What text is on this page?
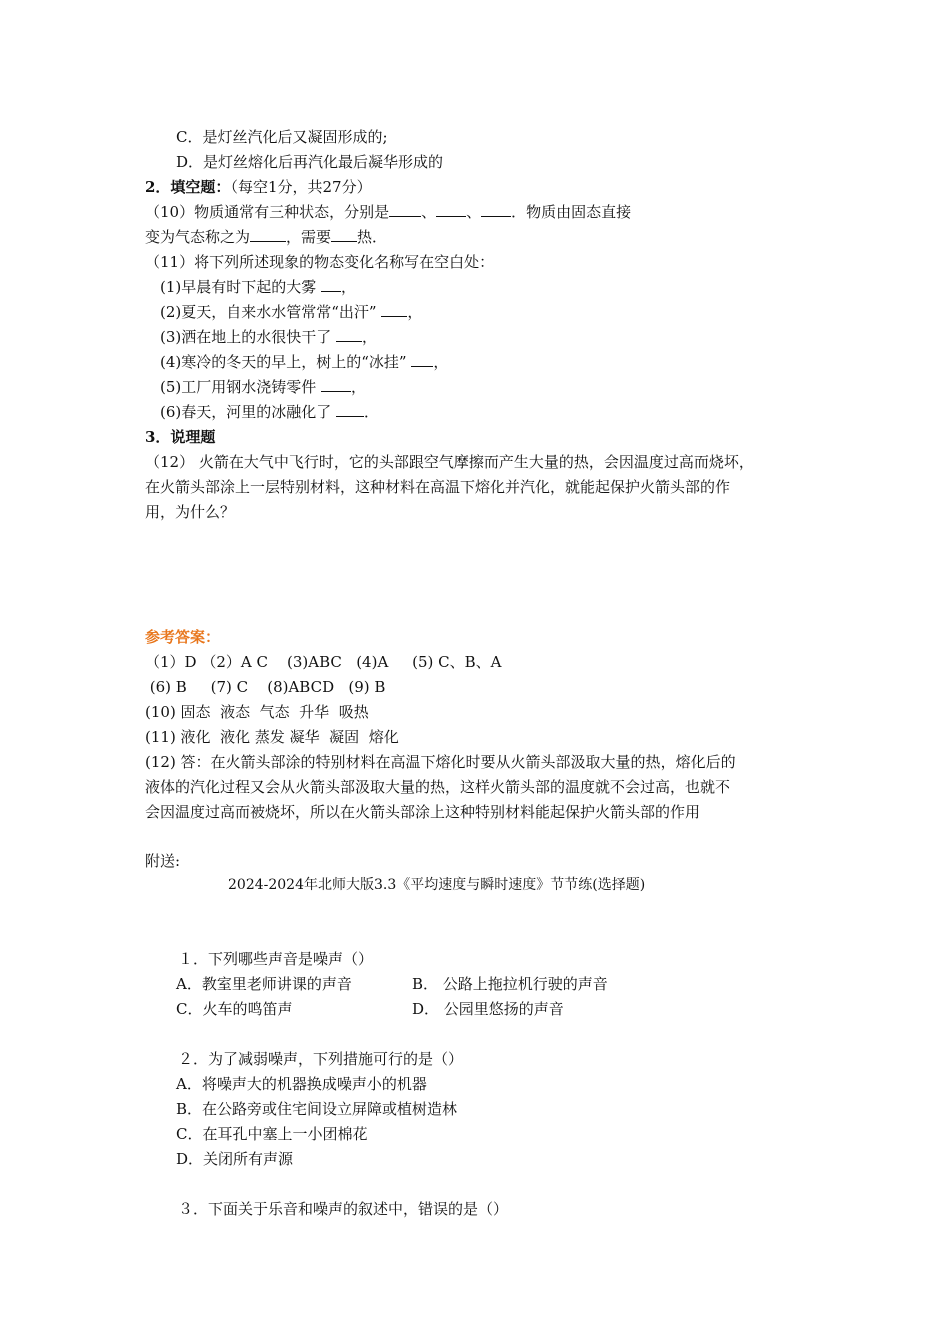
C．是灯丝汽化后又凝固形成的;
D．是灯丝熔化后再汽化最后凝华形成的
2．填空题：（每空1分，共27分）
（10）物质通常有三种状态，分别是 、 、 ．物质由固态直接
变为气态称之为 ，需要 热．
（11）将下列所述现象的物态变化名称写在空白处：
(1)早晨有时下起的大雾 ，
(2)夏天，自来水水管常常“出汗” ，
(3)洒在地上的水很快干了 ，
(4)寒冷的冬天的早上，树上的“冰挂” ，
(5)工厂用钢水浇铸零件 ，
(6)春天，河里的冰融化了 ．
3．说理题
（12） 火箭在大气中飞行时，它的头部跟空气摩擦而产生大量的热，会因温度过高而烧坏，
在火箭头部涂上一层特别材料，这种材料在高温下熔化并汽化，就能起保护火箭头部的作
用，为什么？
参考答案：
（1）D （2）A C    (3)ABC   (4)A     (5) C、B、A
(6) B     (7) C    (8)ABCD   (9) B
(10) 固态  液态  气态  升华  吸热
(11) 液化  液化 蒸发 凝华  凝固  熔化
(12) 答：在火箭头部涂的特别材料在高温下熔化时要从火箭头部汲取大量的热，熔化后的
液体的汽化过程又会从火箭头部汲取大量的热，这样火箭头部的温度就不会过高，也就不
会因温度过高而被烧坏，所以在火箭头部涂上这种特别材料能起保护火箭头部的作用
附送:
2024-2024年北师大版3.3《平均速度与瞬时速度》节节练(选择题)
１．下列哪些声音是噪声（）
A．教室里老师讲课的声音	B． 公路上拖拉机行驶的声音
C．火车的鸣笛声	D． 公园里悠扬的声音
２．为了减弱噪声，下列措施可行的是（）
A．将噪声大的机器换成噪声小的机器
B．在公路旁或住宅间设立屏障或植树造林
C．在耳孔中塞上一小团棉花
D．关闭所有声源
３．下面关于乐音和噪声的叙述中，错误的是（）
